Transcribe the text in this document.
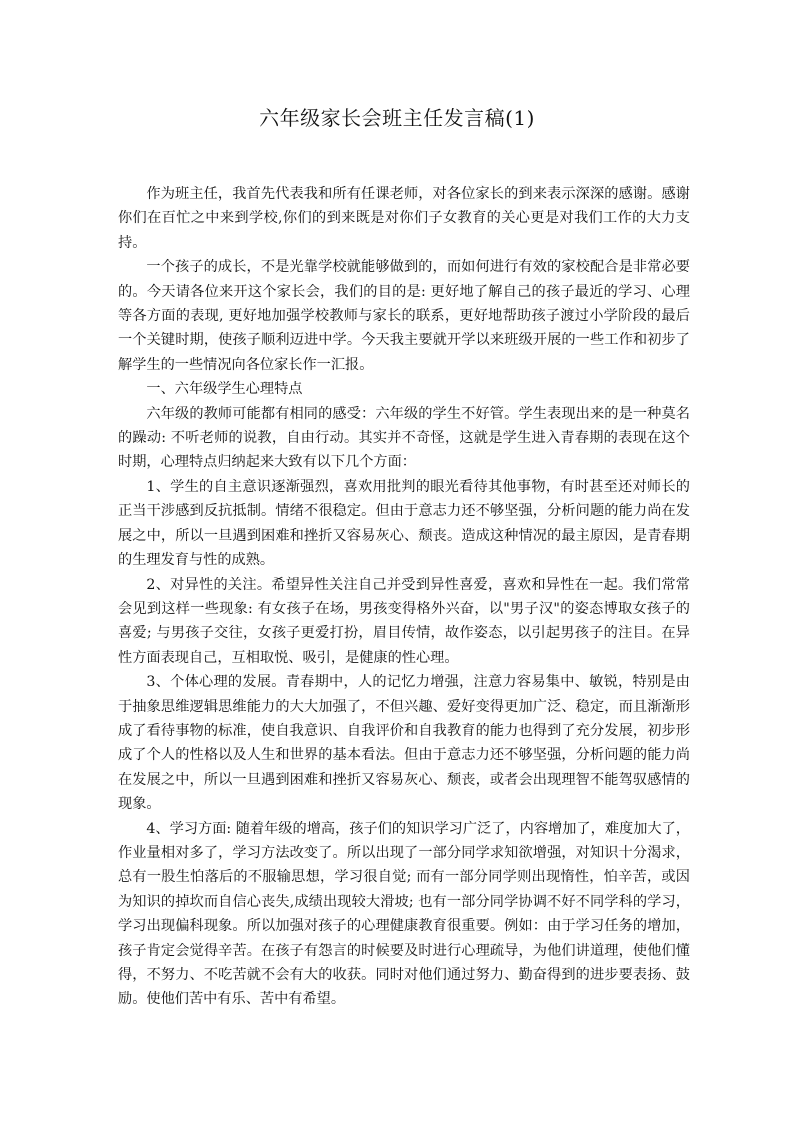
六年级家长会班主任发言稿(1)

作为班主任，我首先代表我和所有任课老师，对各位家长的到来表示深深的感谢。感谢你们在百忙之中来到学校,你们的到来既是对你们子女教育的关心更是对我们工作的大力支持。

一个孩子的成长，不是光靠学校就能够做到的，而如何进行有效的家校配合是非常必要的。今天请各位来开这个家长会，我们的目的是: 更好地了解自己的孩子最近的学习、心理等各方面的表现, 更好地加强学校教师与家长的联系，更好地帮助孩子渡过小学阶段的最后一个关键时期，使孩子顺利迈进中学。今天我主要就开学以来班级开展的一些工作和初步了解学生的一些情况向各位家长作一汇报。

一、六年级学生心理特点

六年级的教师可能都有相同的感受：六年级的学生不好管。学生表现出来的是一种莫名的躁动: 不听老师的说教，自由行动。其实并不奇怪，这就是学生进入青春期的表现在这个时期，心理特点归纳起来大致有以下几个方面：

1、学生的自主意识逐渐强烈，喜欢用批判的眼光看待其他事物，有时甚至还对师长的正当干涉感到反抗抵制。情绪不很稳定。但由于意志力还不够坚强，分析问题的能力尚在发展之中，所以一旦遇到困难和挫折又容易灰心、颓丧。造成这种情况的最主原因，是青春期的生理发育与性的成熟。

2、对异性的关注。希望异性关注自己并受到异性喜爱，喜欢和异性在一起。我们常常会见到这样一些现象: 有女孩子在场，男孩变得格外兴奋，以"男子汉"的姿态博取女孩子的喜爱; 与男孩子交往，女孩子更爱打扮，眉目传情，故作姿态，以引起男孩子的注目。在异性方面表现自己，互相取悦、吸引，是健康的性心理。

3、个体心理的发展。青春期中，人的记忆力增强，注意力容易集中、敏锐，特别是由于抽象思维逻辑思维能力的大大加强了，不但兴趣、爱好变得更加广泛、稳定，而且渐渐形成了看待事物的标准，使自我意识、自我评价和自我教育的能力也得到了充分发展，初步形成了个人的性格以及人生和世界的基本看法。但由于意志力还不够坚强，分析问题的能力尚在发展之中，所以一旦遇到困难和挫折又容易灰心、颓丧，或者会出现理智不能驾驭感情的现象。

4、学习方面: 随着年级的增高，孩子们的知识学习广泛了，内容增加了，难度加大了，作业量相对多了，学习方法改变了。所以出现了一部分同学求知欲增强，对知识十分渴求，总有一股生怕落后的不服输思想，学习很自觉; 而有一部分同学则出现惰性，怕辛苦，或因为知识的掉坎而自信心丧失,成绩出现较大滑坡; 也有一部分同学协调不好不同学科的学习，学习出现偏科现象。所以加强对孩子的心理健康教育很重要。例如：由于学习任务的增加，孩子肯定会觉得辛苦。在孩子有怨言的时候要及时进行心理疏导，为他们讲道理，使他们懂得，不努力、不吃苦就不会有大的收获。同时对他们通过努力、勤奋得到的进步要表扬、鼓励。使他们苦中有乐、苦中有希望。
